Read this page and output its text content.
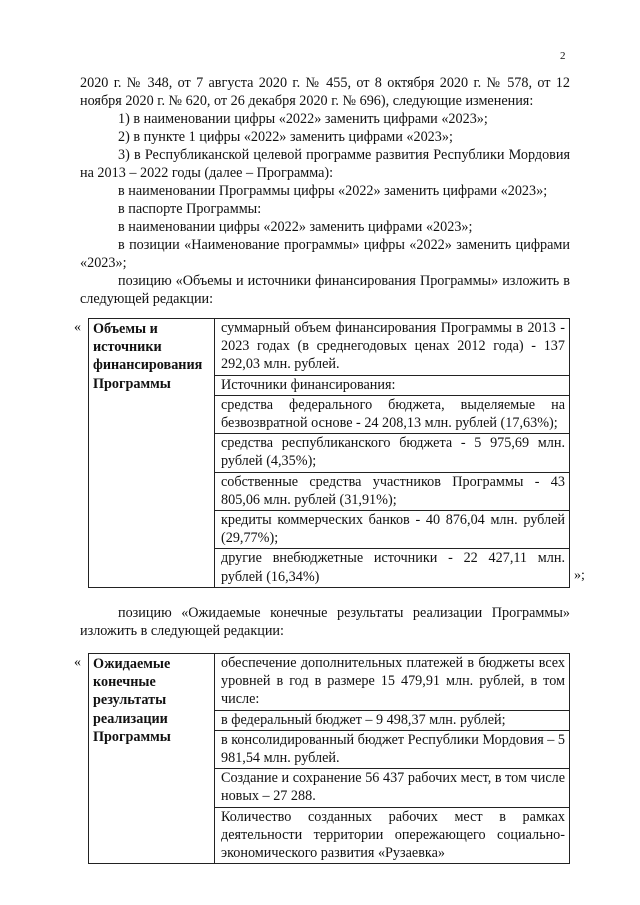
2
2020 г. № 348, от 7 августа 2020 г. № 455, от 8 октября 2020 г. № 578, от 12 ноября 2020 г. № 620, от 26 декабря 2020 г. № 696), следующие изменения:
1) в наименовании цифры «2022» заменить цифрами «2023»;
2) в пункте 1 цифры «2022» заменить цифрами «2023»;
3) в Республиканской целевой программе развития Республики Мордовия на 2013 – 2022 годы (далее – Программа):
в наименовании Программы цифры «2022» заменить цифрами «2023»;
в паспорте Программы:
в наименовании цифры «2022» заменить цифрами «2023»;
в позиции «Наименование программы» цифры «2022» заменить цифрами «2023»;
позицию «Объемы и источники финансирования Программы» изложить в следующей редакции:
« Объемы и источники финансирования Программы
суммарный объем финансирования Программы в 2013 - 2023 годах (в среднегодовых ценах 2012 года) - 137 292,03 млн. рублей.
Источники финансирования:
средства федерального бюджета, выделяемые на безвозвратной основе - 24 208,13 млн. рублей (17,63%);
средства республиканского бюджета - 5 975,69 млн. рублей (4,35%);
собственные средства участников Программы - 43 805,06 млн. рублей (31,91%);
кредиты коммерческих банков - 40 876,04 млн. рублей (29,77%);
другие внебюджетные источники - 22 427,11 млн. рублей (16,34%)	»;
позицию «Ожидаемые конечные результаты реализации Программы» изложить в следующей редакции:
« Ожидаемые конечные результаты реализации Программы
обеспечение дополнительных платежей в бюджеты всех уровней в год в размере 15 479,91 млн. рублей, в том числе:
в федеральный бюджет – 9 498,37 млн. рублей;
в консолидированный бюджет Республики Мордовия – 5 981,54 млн. рублей.
Создание и сохранение 56 437 рабочих мест, в том числе новых – 27 288.
Количество созданных рабочих мест в рамках деятельности территории опережающего социально-экономического развития «Рузаевка»
